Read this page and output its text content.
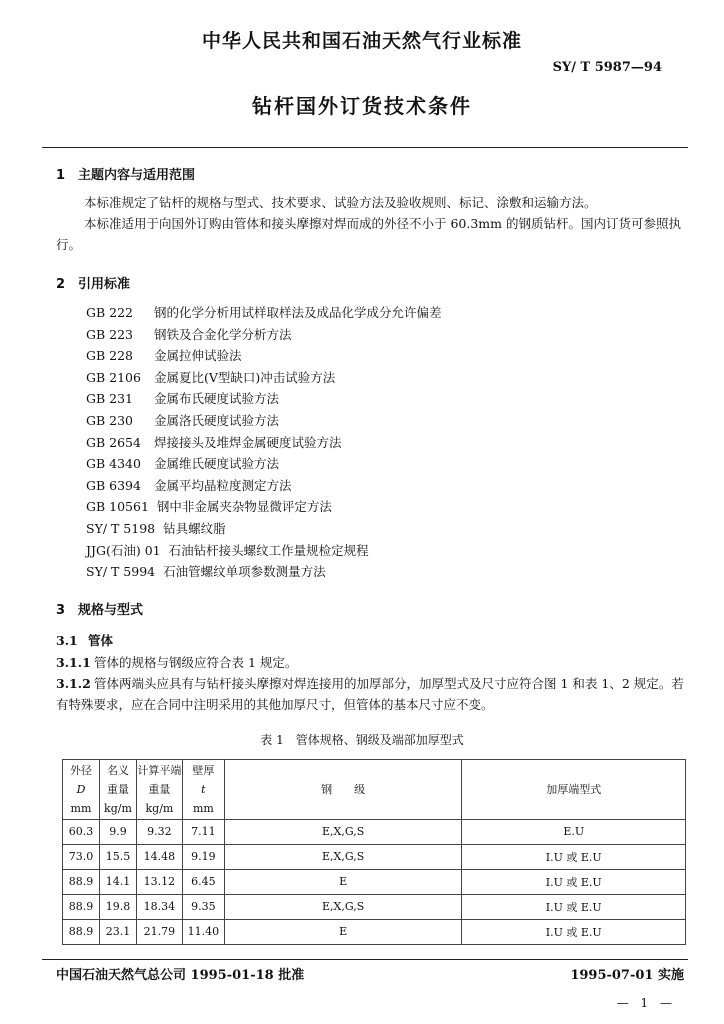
中华人民共和国石油天然气行业标准
SY/ T 5987—94
钻杆国外订货技术条件
1 主题内容与适用范围

本标准规定了钻杆的规格与型式、技术要求、试验方法及验收规则、标记、涂敷和运输方法。

本标准适用于向国外订购由管体和接头摩擦对焊而成的外径不小于 60.3mm 的钢质钻杆。国内订货可参照执行。

2 引用标准
GB 222 钢的化学分析用试样取样法及成品化学成分允许偏差
GB 223 钢铁及合金化学分析方法
GB 228 金属拉伸试验法
GB 2106 金属夏比(V型缺口)冲击试验方法
GB 231 金属布氏硬度试验方法
GB 230 金属洛氏硬度试验方法
GB 2654 焊接接头及堆焊金属硬度试验方法
GB 4340 金属维氏硬度试验方法
GB 6394 金属平均晶粒度测定方法
GB 10561 钢中非金属夹杂物显微评定方法
SY/ T 5198 钻具螺纹脂
JJG(石油) 01 石油钻杆接头螺纹工作量规检定规程
SY/ T 5994 石油管螺纹单项参数测量方法
3 规格与型式
3.1 管体
3.1.1 管体的规格与钢级应符合表 1 规定。
3.1.2 管体两端头应具有与钻杆接头摩擦对焊连接用的加厚部分，加厚型式及尺寸应符合图 1 和表 1、2 规定。若有特殊要求，应在合同中注明采用的其他加厚尺寸，但管体的基本尺寸应不变。
表 1　管体规格、钢级及端部加厚型式
外径	名义	计算平端	壁厚	钢　　级	加厚端型式
D	重量	重量	t		
mm	kg/m	kg/m	mm		
60.3	9.9	9.32	7.11	E,X,G,S	E.U
73.0	15.5	14.48	9.19	E,X,G,S	I.U 或 E.U
88.9	14.1	13.12	6.45	E	I.U 或 E.U
88.9	19.8	18.34	9.35	E,X,G,S	I.U 或 E.U
88.9	23.1	21.79	11.40	E	I.U 或 E.U
中国石油天然气总公司 1995-01-18 批准	1995-07-01 实施
— 1 —
